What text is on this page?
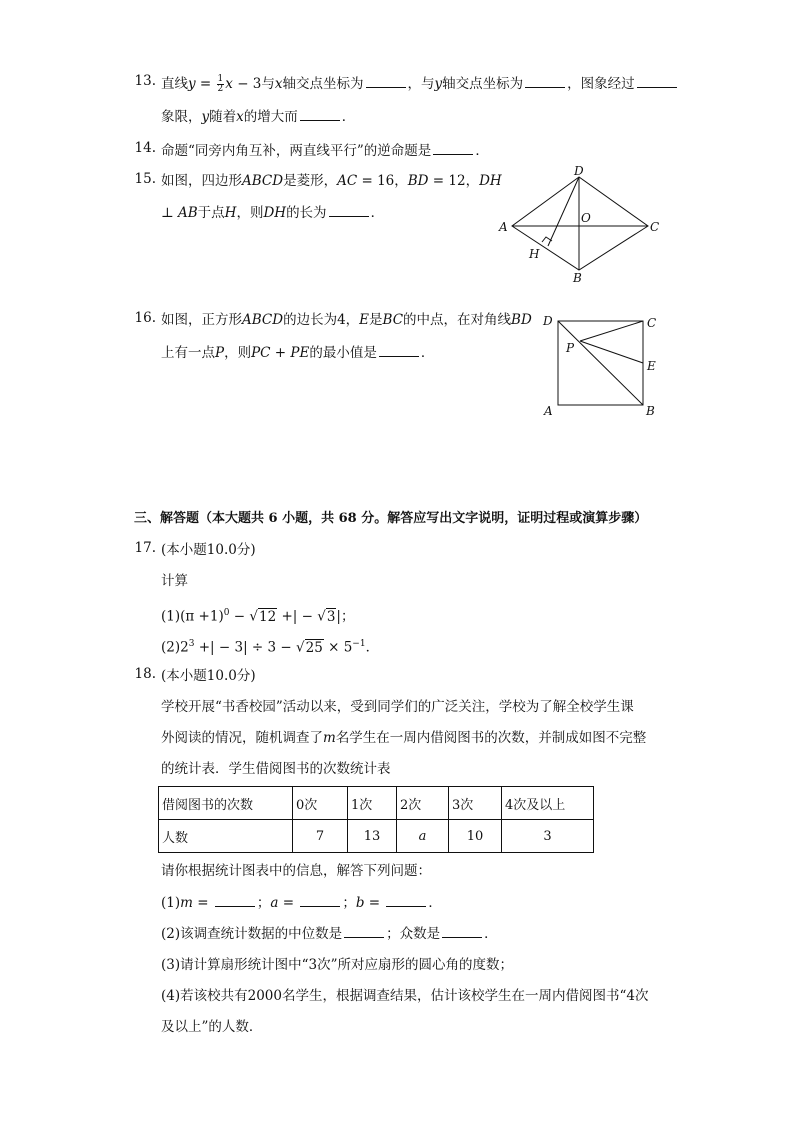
13. 直线$y = \frac{1}{2}$ x − 3与x轴交点坐标为	，与y轴交点坐标为	，图象经过
象限，y随着x的增大而	．
14. 命题“同旁内角互补，两直线平行”的逆命题是	．
15. 如图，四边形ABCD是菱形，AC = 16，BD = 12，DH
⊥ AB于点H，则DH的长为	．
D
O
A	C
H
B
16. 如图，正方形ABCD的边长为4，E是BC的中点，在对角线BD
上有一点P，则PC + PE的最小值是	．
D	C
P
E
A	B
三、解答题（本大题共 6 小题，共 68 分。解答应写出文字说明，证明过程或演算步骤）
17. (本小题10.0分)
计算
$(1)(\pi +1)^0 - √12$ +| − √3|；
$(2)2^3$ +| − $3| \div 3 - √25 \times 5^{-1}$．
18. (本小题10.0分)
学校开展“书香校园”活动以来，受到同学们的广泛关注，学校为了解全校学生课
外阅读的情况，随机调查了m名学生在一周内借阅图书的次数，并制成如图不完整
的统计表．学生借阅图书的次数统计表
借阅图书的次数	0次	1次	2次	3次	4次及以上
人数	7	13	a	10	3
请你根据统计图表中的信息，解答下列问题：
(1)m =	；a =	；b =	．
(2)该调查统计数据的中位数是	；众数是	．
(3)请计算扇形统计图中“3次”所对应扇形的圆心角的度数；
(4)若该校共有2000名学生，根据调查结果，估计该校学生在一周内借阅图书“4次
及以上”的人数．
